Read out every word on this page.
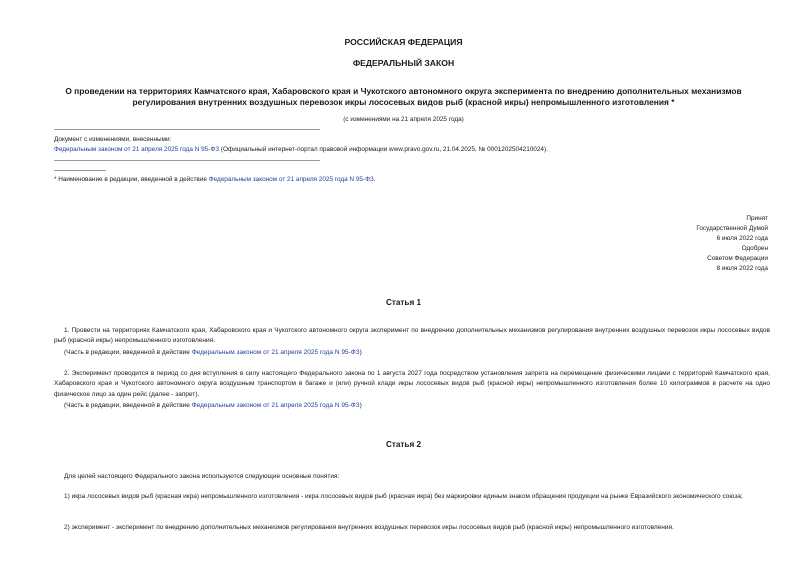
РОССИЙСКАЯ ФЕДЕРАЦИЯ
ФЕДЕРАЛЬНЫЙ ЗАКОН
О проведении на территориях Камчатского края, Хабаровского края и Чукотского автономного округа эксперимента по внедрению дополнительных механизмов
регулирования внутренних воздушных перевозок икры лососевых видов рыб (красной икры) непромышленного изготовления *
(с изменениями на 21 апреля 2025 года)
Документ с изменениями, внесенными:
Федеральным законом от 21 апреля 2025 года N 95-ФЗ (Официальный интернет-портал правовой информации www.pravo.gov.ru, 21.04.2025, № 0001202504210024).
* Наименование в редакции, введенной в действие Федеральным законом от 21 апреля 2025 года N 95-ФЗ.
Принят
Государственной Думой
6 июля 2022 года
Одобрен
Советом Федерации
8 июля 2022 года
Статья 1
1. Провести на территориях Камчатского края, Хабаровского края и Чукотского автономного округа эксперимент по внедрению дополнительных механизмов регулирования внутренних воздушных перевозок икры лососевых видов рыб (красной икры) непромышленного изготовления.
(Часть в редакции, введенной в действие Федеральным законом от 21 апреля 2025 года N 95-ФЗ)
2. Эксперимент проводится в период со дня вступления в силу настоящего Федерального закона по 1 августа 2027 года посредством установления запрета на перемещение физическими лицами с территорий Камчатского края, Хабаровского края и Чукотского автономного округа воздушным транспортом в багаже и (или) ручной клади икры лососевых видов рыб (красной икры) непромышленного изготовления более 10 килограммов в расчете на одно физическое лицо за один рейс (далее - запрет).
(Часть в редакции, введенной в действие Федеральным законом от 21 апреля 2025 года N 95-ФЗ)
Статья 2
Для целей настоящего Федерального закона используются следующие основные понятия:
1) икра лососевых видов рыб (красная икра) непромышленного изготовления - икра лососевых видов рыб (красная икра) без маркировки единым знаком обращения продукции на рынке Евразийского экономического союза;
2) эксперимент - эксперимент по внедрению дополнительных механизмов регулирования внутренних воздушных перевозок икры лососевых видов рыб (красной икры) непромышленного изготовления.
